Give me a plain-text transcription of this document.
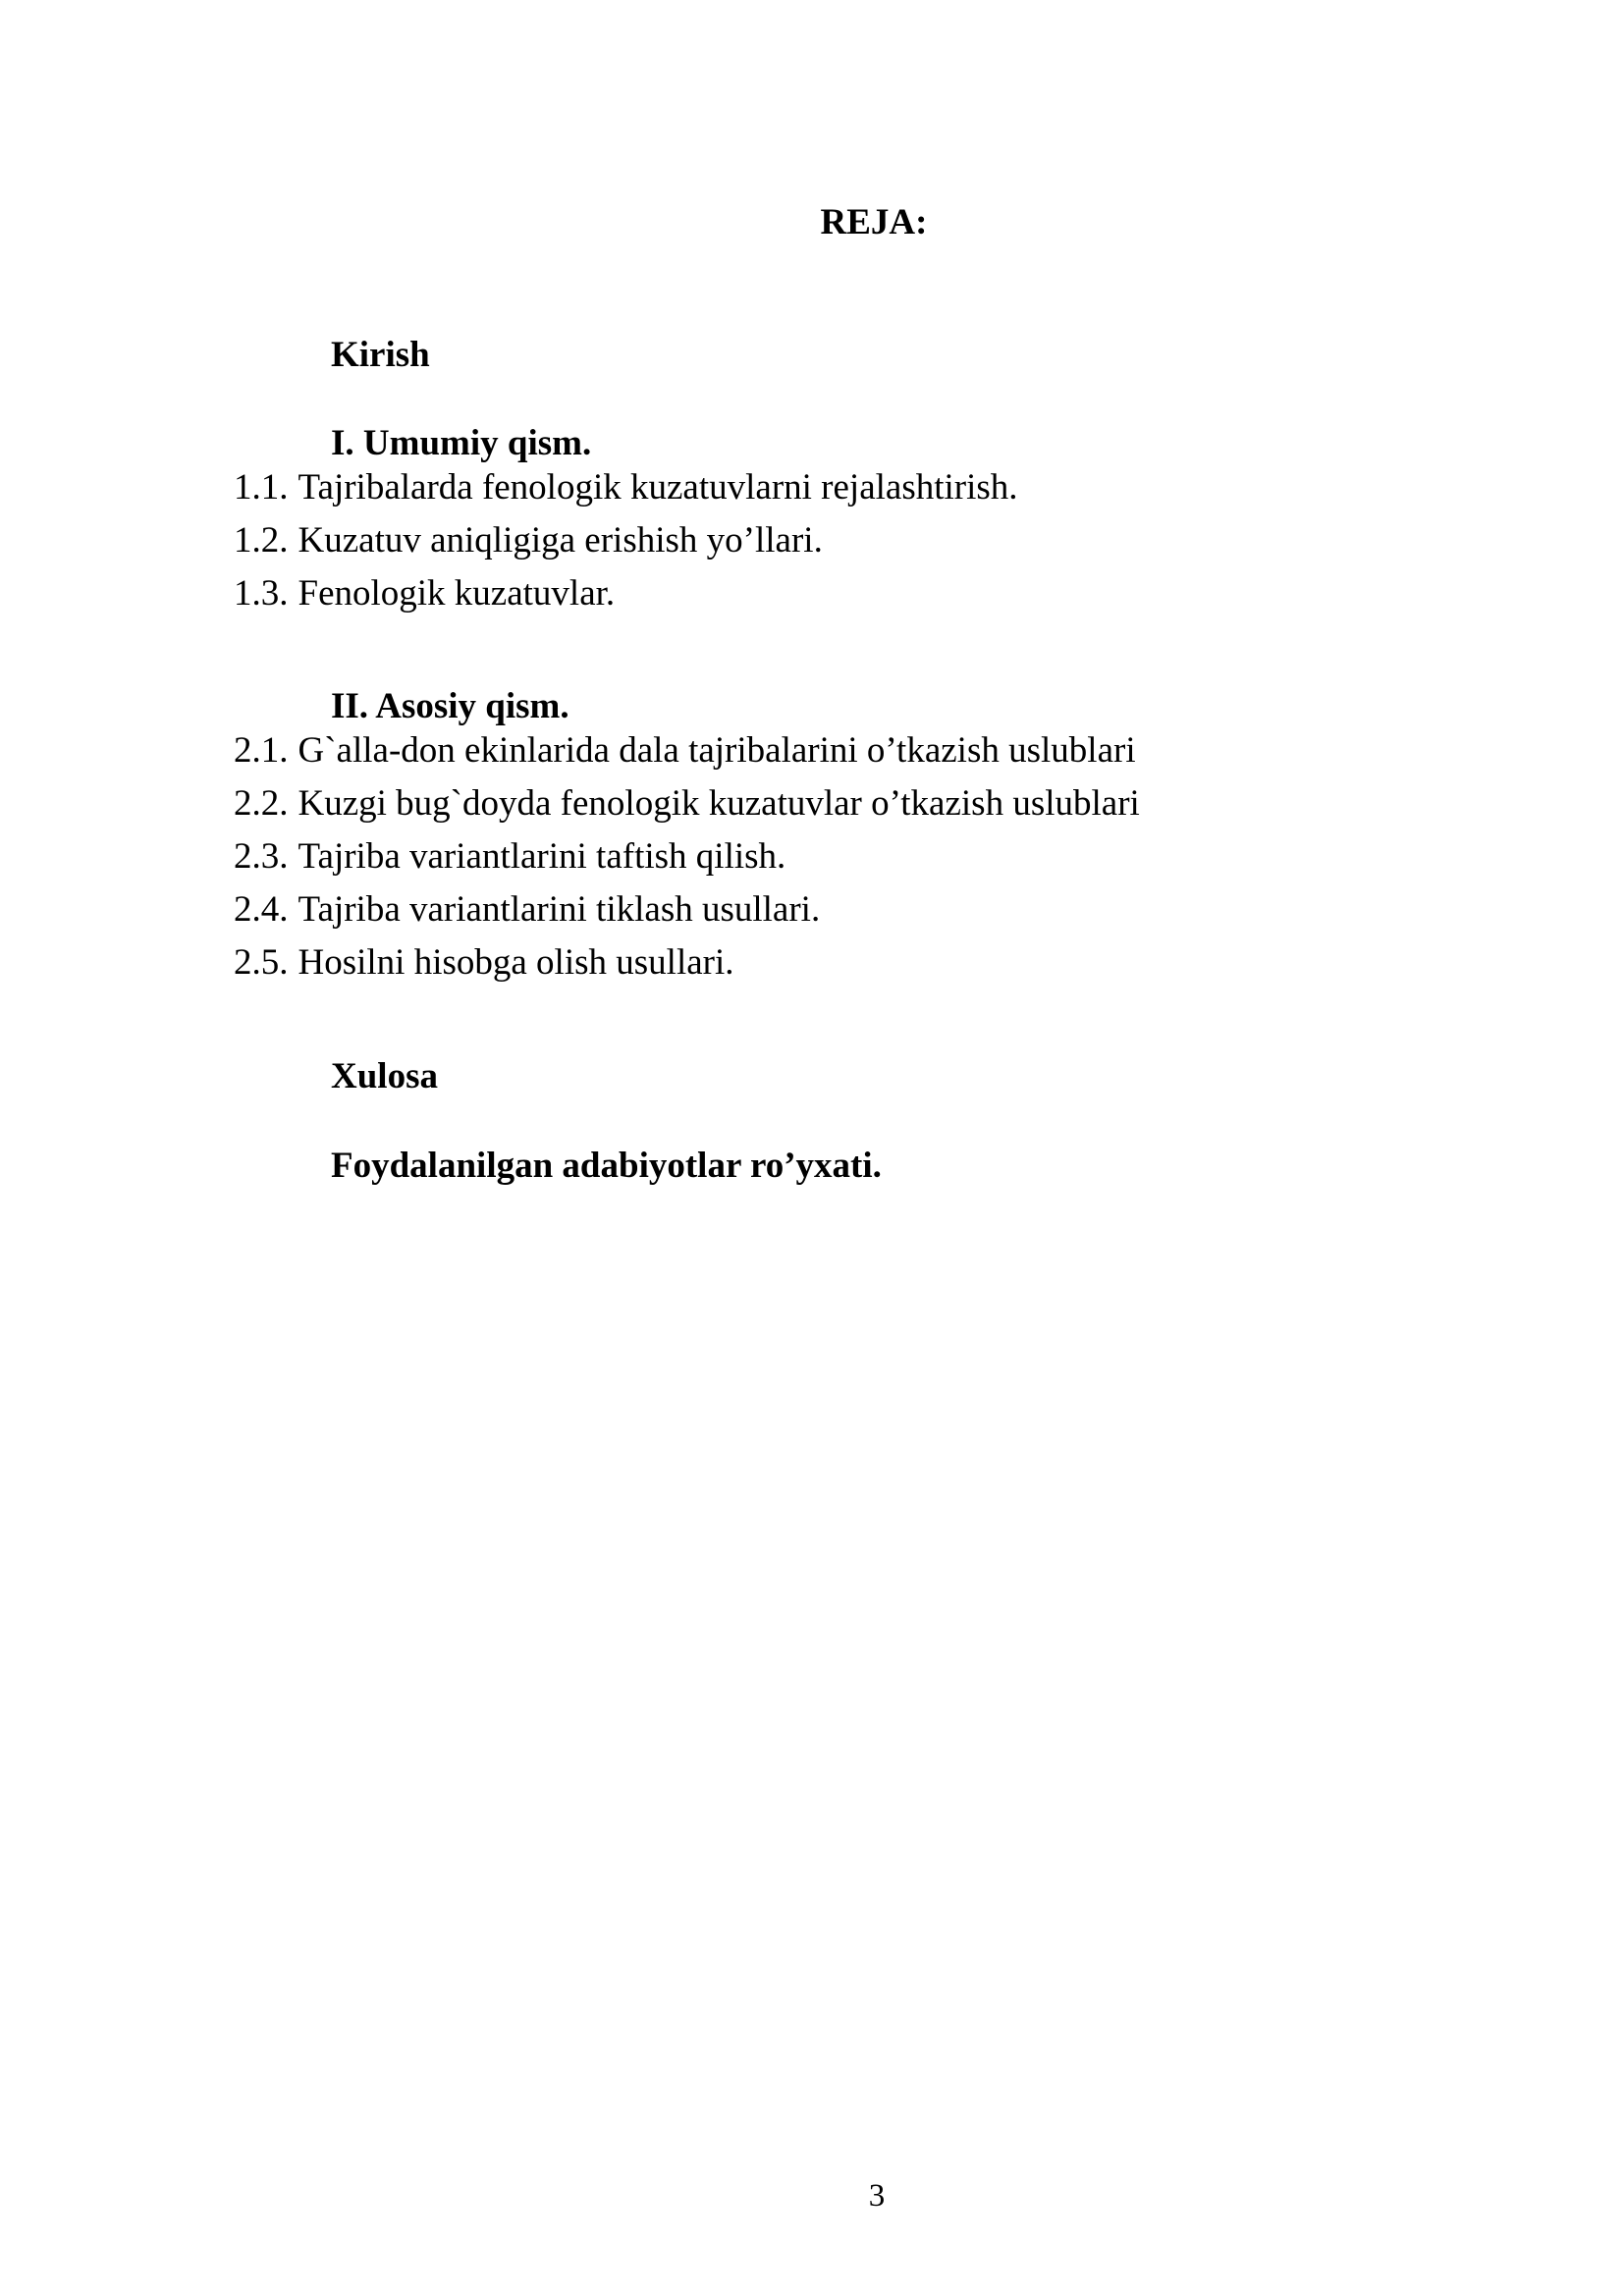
REJA:
Kirish
I. Umumiy qism.
1.1. Tajribalarda fenologik kuzatuvlarni rejalashtirish.
1.2. Kuzatuv aniqligiga erishish yo’llari.
1.3. Fenologik kuzatuvlar.
II. Asosiy qism.
2.1. G`alla-don ekinlarida dala tajribalarini o’tkazish uslublari
2.2. Kuzgi bug`doyda fenologik kuzatuvlar o’tkazish uslublari
2.3. Tajriba variantlarini taftish qilish.
2.4. Tajriba variantlarini tiklash usullari.
2.5. Hosilni hisobga olish usullari.
Xulosa
Foydalanilgan adabiyotlar ro’yxati.
3
